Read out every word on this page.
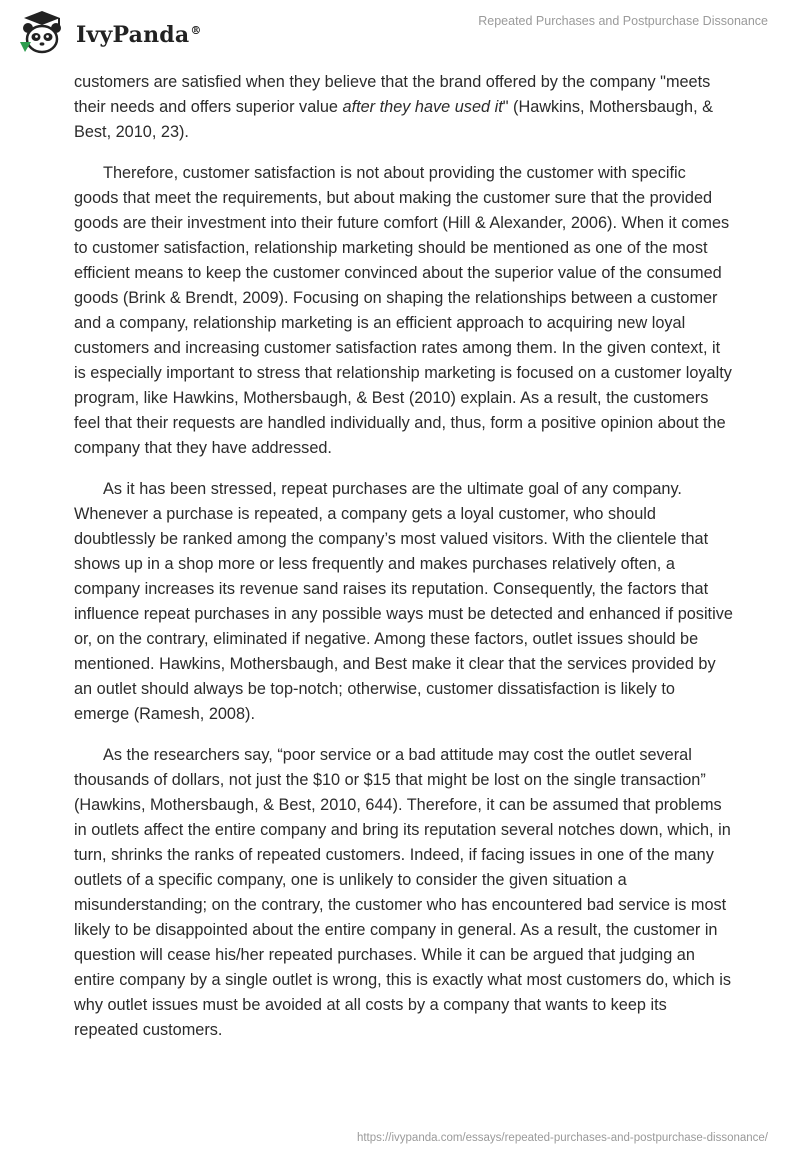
IvyPanda®
Repeated Purchases and Postpurchase Dissonance

customers are satisfied when they believe that the brand offered by the company "meets their needs and offers superior value after they have used it" (Hawkins, Mothersbaugh, & Best, 2010, 23).

Therefore, customer satisfaction is not about providing the customer with specific goods that meet the requirements, but about making the customer sure that the provided goods are their investment into their future comfort (Hill & Alexander, 2006). When it comes to customer satisfaction, relationship marketing should be mentioned as one of the most efficient means to keep the customer convinced about the superior value of the consumed goods (Brink & Brendt, 2009). Focusing on shaping the relationships between a customer and a company, relationship marketing is an efficient approach to acquiring new loyal customers and increasing customer satisfaction rates among them. In the given context, it is especially important to stress that relationship marketing is focused on a customer loyalty program, like Hawkins, Mothersbaugh, & Best (2010) explain. As a result, the customers feel that their requests are handled individually and, thus, form a positive opinion about the company that they have addressed.

As it has been stressed, repeat purchases are the ultimate goal of any company. Whenever a purchase is repeated, a company gets a loyal customer, who should doubtlessly be ranked among the company’s most valued visitors. With the clientele that shows up in a shop more or less frequently and makes purchases relatively often, a company increases its revenue sand raises its reputation. Consequently, the factors that influence repeat purchases in any possible ways must be detected and enhanced if positive or, on the contrary, eliminated if negative. Among these factors, outlet issues should be mentioned. Hawkins, Mothersbaugh, and Best make it clear that the services provided by an outlet should always be top-notch; otherwise, customer dissatisfaction is likely to emerge (Ramesh, 2008).

As the researchers say, “poor service or a bad attitude may cost the outlet several thousands of dollars, not just the $10 or $15 that might be lost on the single transaction” (Hawkins, Mothersbaugh, & Best, 2010, 644). Therefore, it can be assumed that problems in outlets affect the entire company and bring its reputation several notches down, which, in turn, shrinks the ranks of repeated customers. Indeed, if facing issues in one of the many outlets of a specific company, one is unlikely to consider the given situation a misunderstanding; on the contrary, the customer who has encountered bad service is most likely to be disappointed about the entire company in general. As a result, the customer in question will cease his/her repeated purchases. While it can be argued that judging an entire company by a single outlet is wrong, this is exactly what most customers do, which is why outlet issues must be avoided at all costs by a company that wants to keep its repeated customers.

https://ivypanda.com/essays/repeated-purchases-and-postpurchase-dissonance/
